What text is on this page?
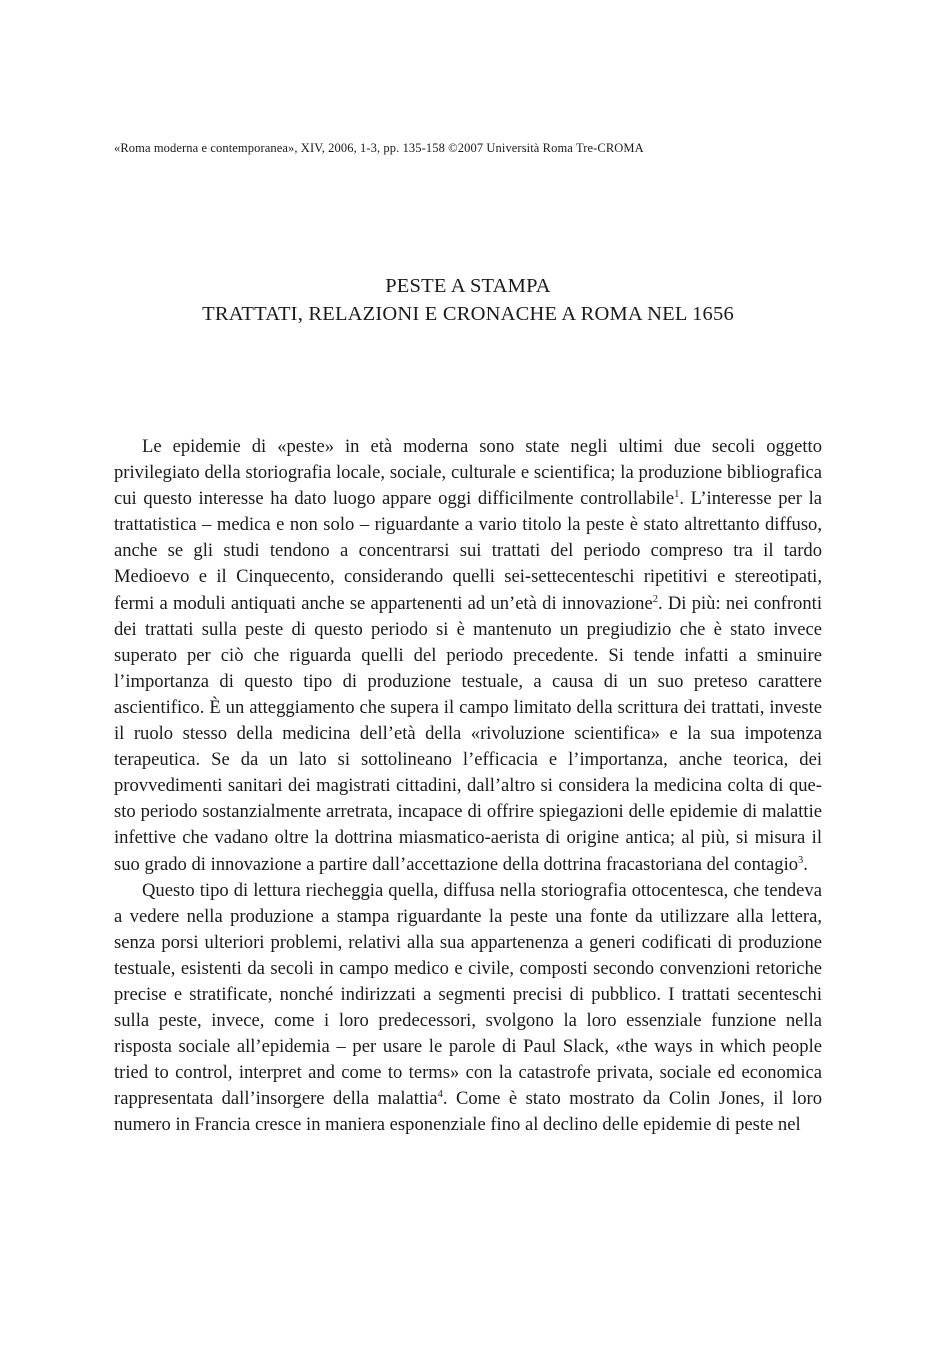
«Roma moderna e contemporanea», XIV, 2006, 1-3, pp. 135-158 ©2007 Università Roma Tre-CROMA
PESTE A STAMPA
TRATTATI, RELAZIONI E CRONACHE A ROMA NEL 1656

Le epidemie di «peste» in età moderna sono state negli ultimi due secoli oggetto privilegiato della storiografia locale, sociale, culturale e scientifica; la produzione bibliografica cui questo interesse ha dato luogo appare oggi difficilmente controllabile$^1$. L’interesse per la trattatistica – medica e non solo – riguardante a vario titolo la peste è stato altrettanto diffuso, anche se gli studi tendono a concentrarsi sui trattati del periodo compreso tra il tardo Medioevo e il Cinquecento, considerando quelli sei-settecenteschi ripetitivi e stereotipati, fermi a moduli antiquati anche se appartenenti ad un’età di innovazione$^2$. Di più: nei confronti dei trattati sulla peste di questo periodo si è mantenuto un pregiudizio che è stato invece superato per ciò che riguarda quelli del periodo precedente. Si tende infatti a sminuire l’importanza di questo tipo di produzione testuale, a causa di un suo preteso carattere ascientifico. È un atteggiamento che supera il campo limitato della scrittura dei trattati, investe il ruolo stesso della medicina dell’età della «rivoluzione scientifica» e la sua impotenza terapeutica. Se da un lato si sottolineano l’efficacia e l’importanza, anche teorica, dei provvedimenti sanitari dei magistrati cittadini, dall’altro si considera la medicina colta di questo periodo sostanzialmente arretrata, incapace di offrire spiegazioni delle epidemie di malattie infettive che vadano oltre la dottrina miasmatico-aerista di origine antica; al più, si misura il suo grado di innovazione a partire dall’accettazione della dottrina fracastoriana del contagio$^3$.

Questo tipo di lettura riecheggia quella, diffusa nella storiografia ottocentesca, che tendeva a vedere nella produzione a stampa riguardante la peste una fonte da utilizzare alla lettera, senza porsi ulteriori problemi, relativi alla sua appartenenza a generi codificati di produzione testuale, esistenti da secoli in campo medico e civile, composti secondo convenzioni retoriche precise e stratificate, nonché indirizzati a segmenti precisi di pubblico. I trattati secenteschi sulla peste, invece, come i loro predecessori, svolgono la loro essenziale funzione nella risposta sociale all’epidemia – per usare le parole di Paul Slack, «the ways in which people tried to control, interpret and come to terms» con la catastrofe privata, sociale ed economica rappresentata dall’insorgere della malattia$^4$. Come è stato mostrato da Colin Jones, il loro numero in Francia cresce in maniera esponenziale fino al declino delle epidemie di peste nel
